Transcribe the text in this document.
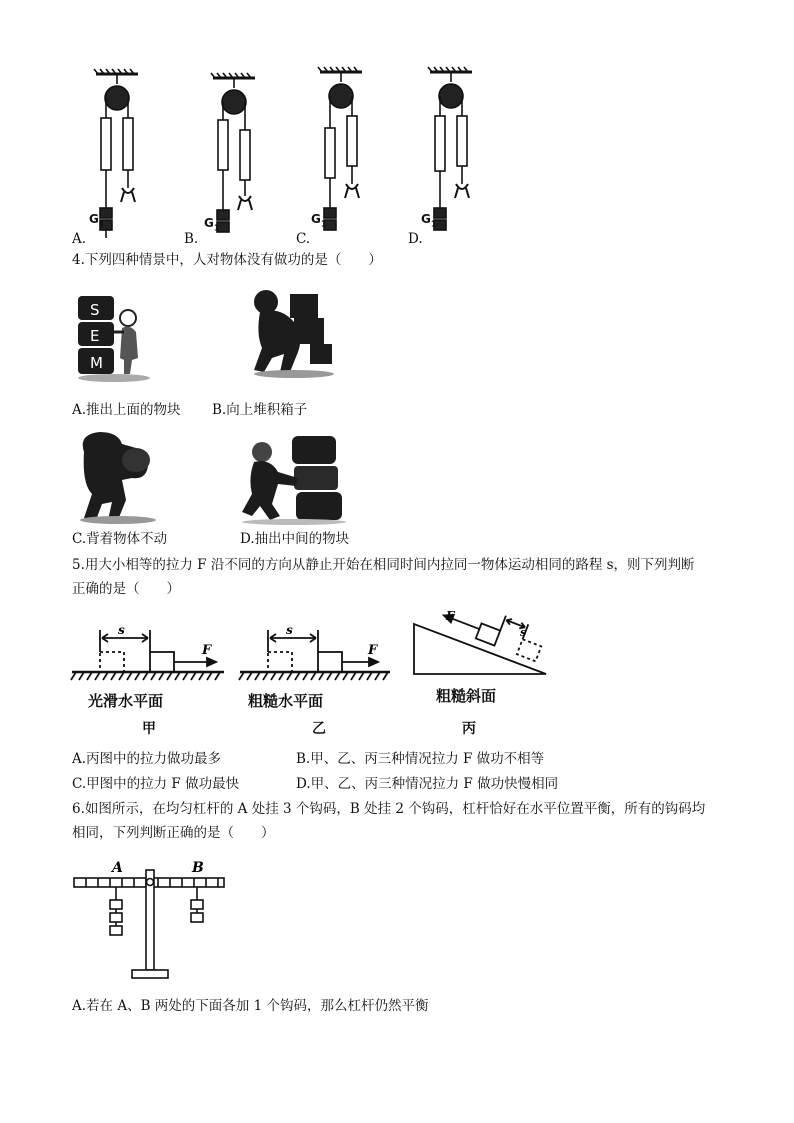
$G_1$	$G_1$
$G_1$	$G_1$
A.	B.	C.	D.
4.下列四种情景中，人对物体没有做功的是（　　）
S
E
M
A.推出上面的物块 B.向上堆积箱子
C.背着物体不动	D.抽出中间的物块
5.用大小相等的拉力 F 沿不同的方向从静止开始在相同时间内拉同一物体运动相同的路程 s，则下列判断
正确的是（　　）
s
F
光滑水平面
甲
s
F
粗糙水平面
乙
F
s
粗糙斜面
丙
A.丙图中的拉力做功最多	B.甲、乙、丙三种情况拉力 F 做功不相等
C.甲图中的拉力 F 做功最快	D.甲、乙、丙三种情况拉力 F 做功快慢相同
6.如图所示，在均匀杠杆的 A 处挂 3 个钩码，B 处挂 2 个钩码，杠杆恰好在水平位置平衡，所有的钩码均
相同，下列判断正确的是（　　）
A	B
A.若在 A、B 两处的下面各加 1 个钩码，那么杠杆仍然平衡
